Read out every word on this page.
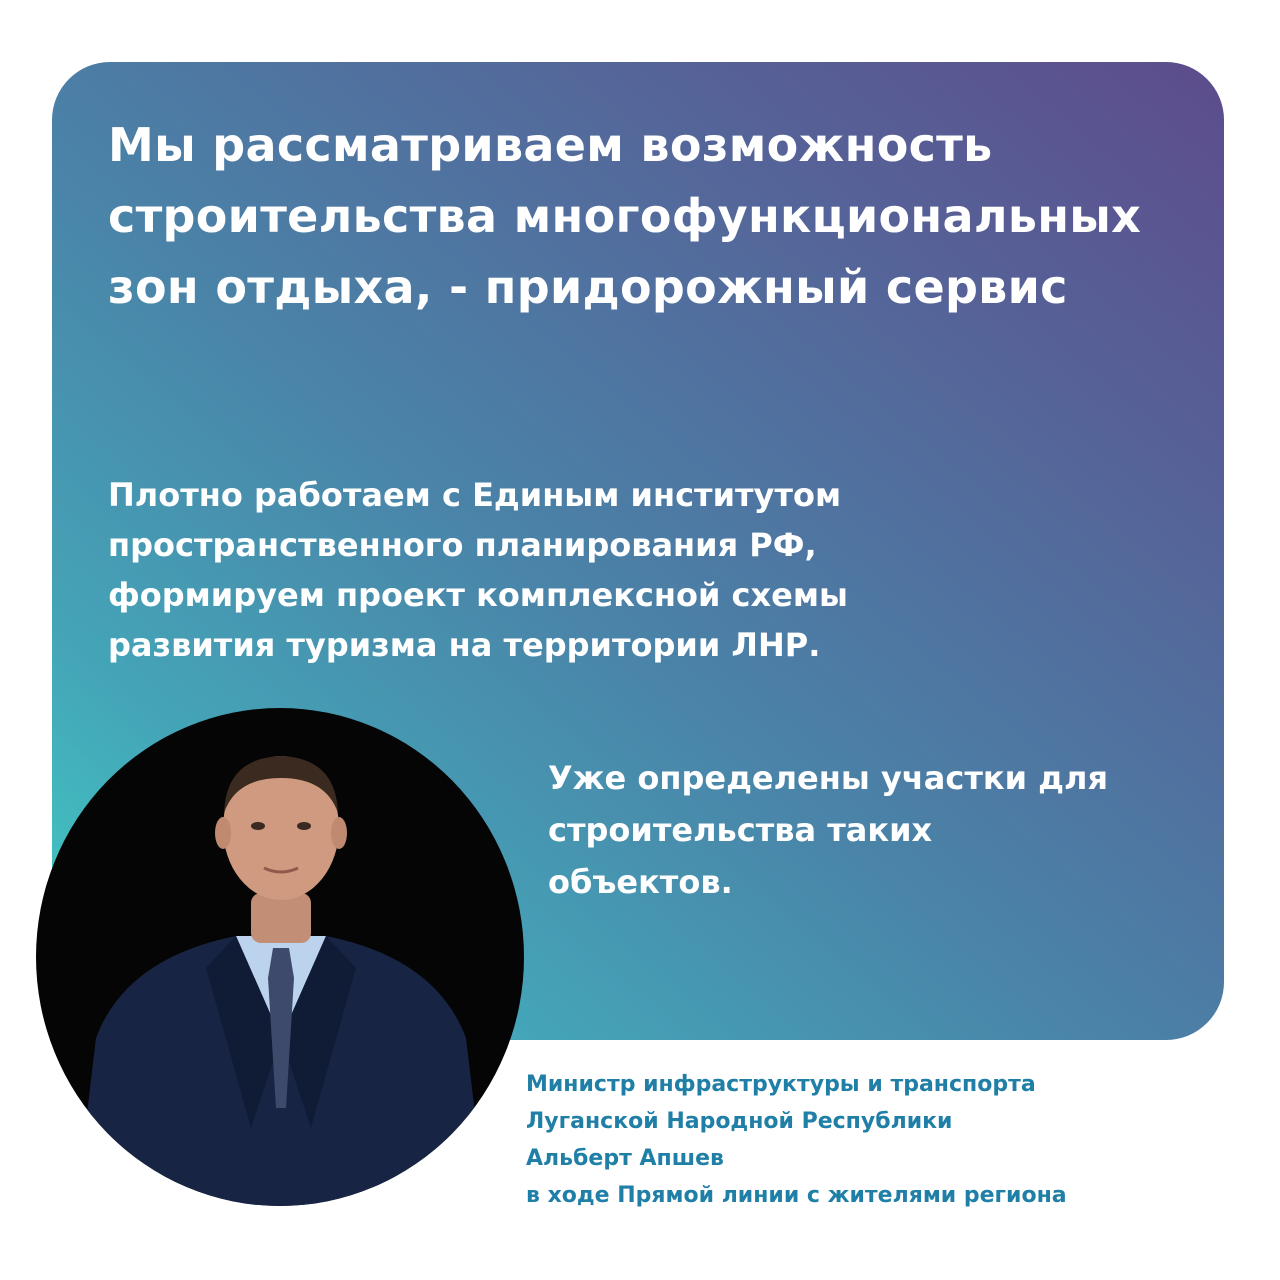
Мы рассматриваем возможность строительства многофункциональных зон отдыха, - придорожный сервис

Плотно работаем с Единым институтом
пространственного планирования РФ,
формируем проект комплексной схемы
развития туризма на территории ЛНР.

Уже определены участки для
строительства таких
объектов.

Министр инфраструктуры и транспорта
Луганской Народной Республики
Альберт Апшев
в ходе Прямой линии с жителями региона
